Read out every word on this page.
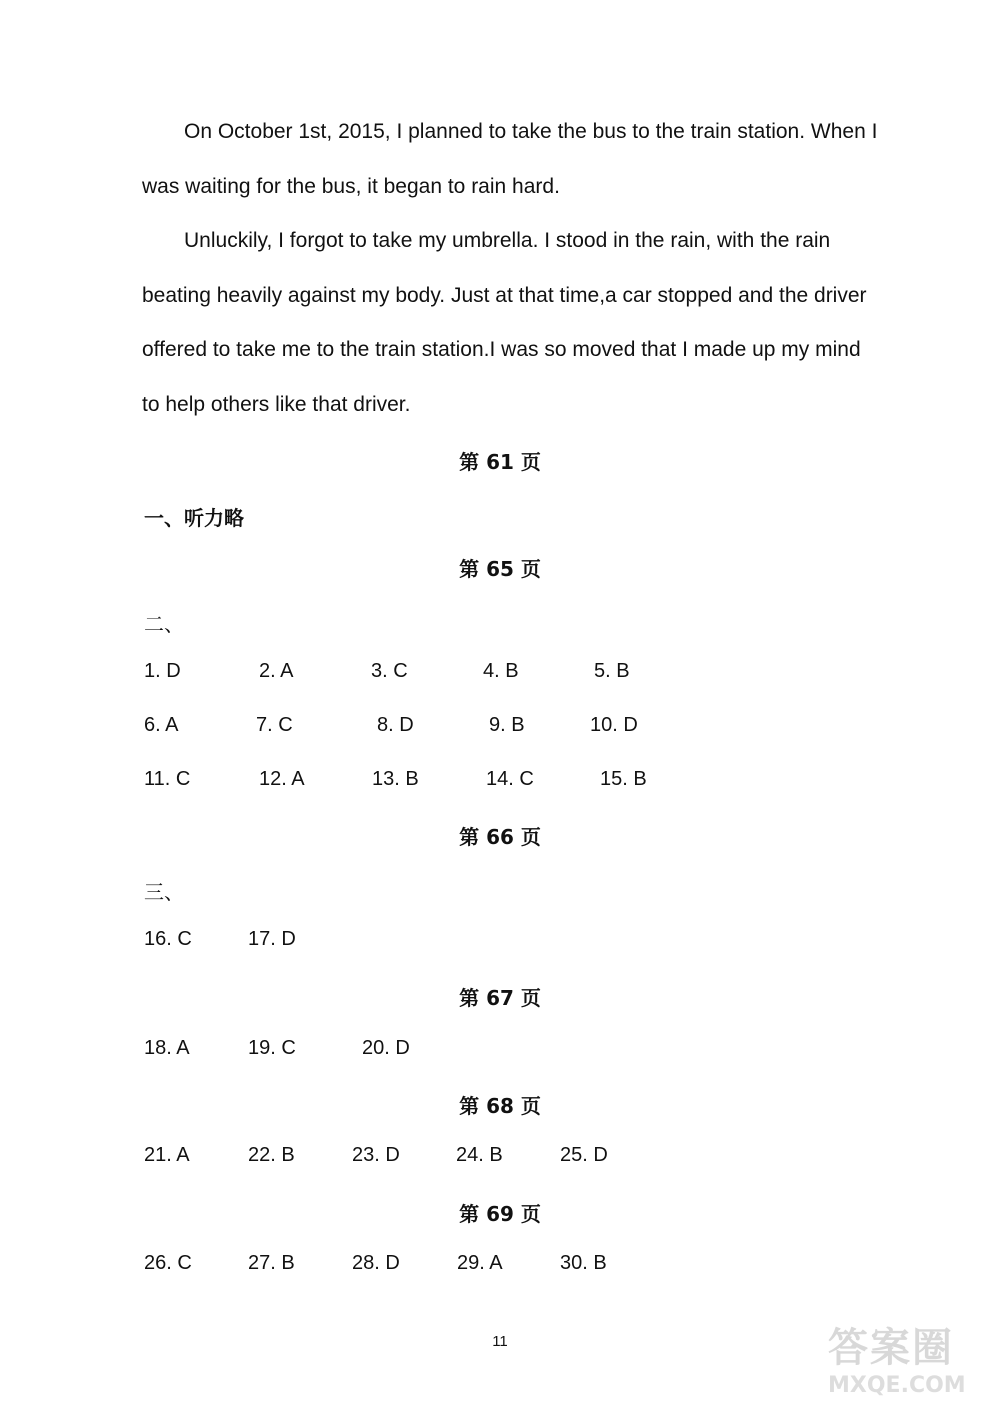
On October 1st, 2015, I planned to take the bus to the train station. When I was waiting for the bus, it began to rain hard.

Unluckily, I forgot to take my umbrella. I stood in the rain, with the rain beating heavily against my body. Just at that time,a car stopped and the driver offered to take me to the train station.I was so moved that I made up my mind to help others like that driver.

第 61 页
一、听力略
第 65 页
二、
1. D	2. A	3. C	4. B	5. B
6. A	7. C	8. D	9. B	10. D
11. C	12. A	13. B	14. C	15. B
第 66 页
三、
16. C	17. D
第 67 页
18. A	19. C	20. D
第 68 页
21. A	22. B	23. D	24. B	25. D
第 69 页
26. C	27. B	28. D	29. A	30. B
11	答案圈
MXQE.COM
